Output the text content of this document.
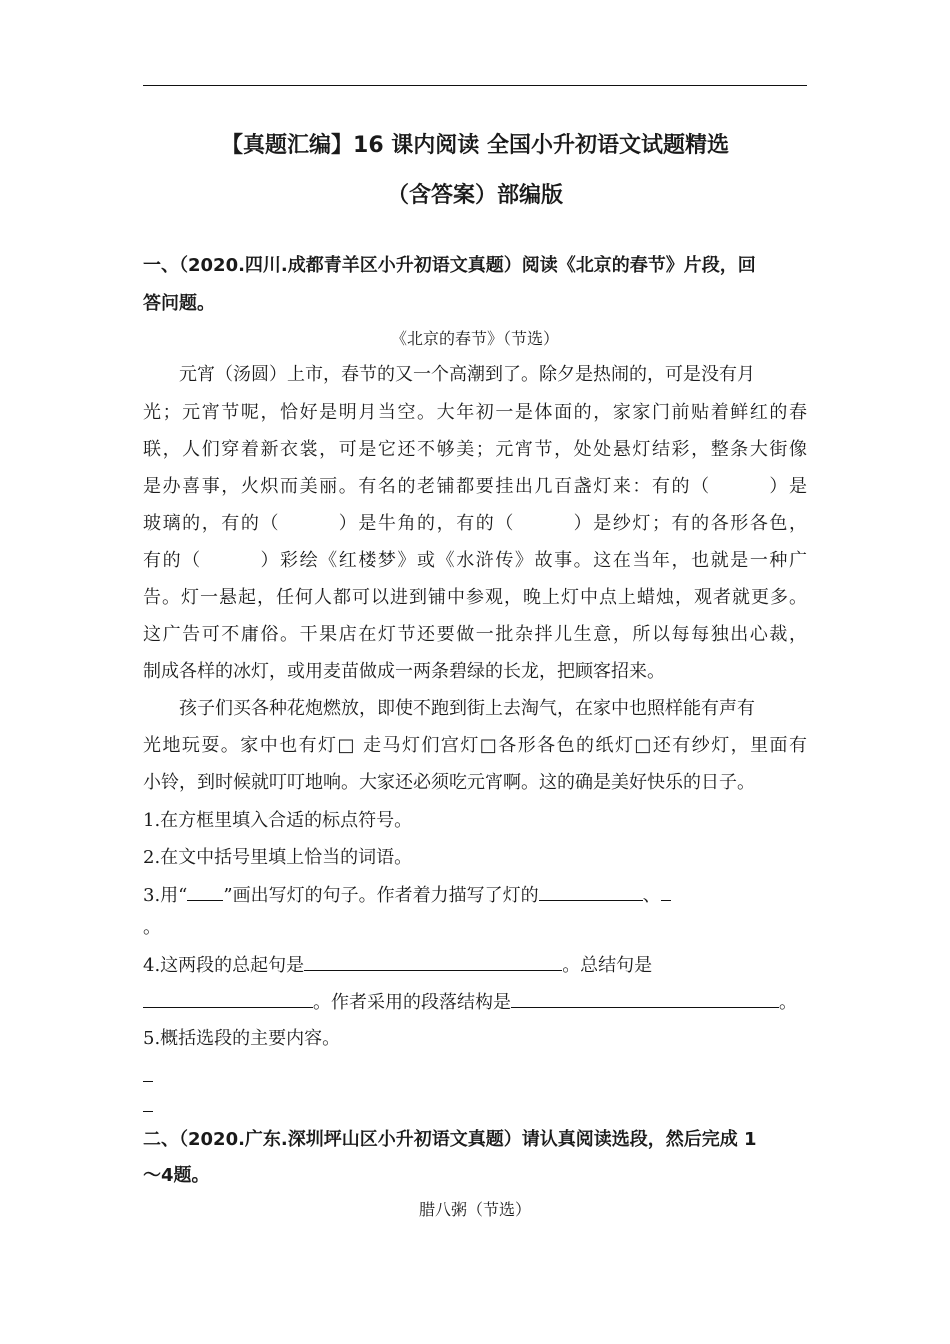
【真题汇编】16 课内阅读 全国小升初语文试题精选
（含答案）部编版
一、（2020.四川.成都青羊区小升初语文真题）阅读《北京的春节》片段，回
答问题。
《北京的春节》（节选）
元宵（汤圆）上市，春节的又一个高潮到了。除夕是热闹的，可是没有月
光；元宵节呢，恰好是明月当空。大年初一是体面的，家家门前贴着鲜红的春
联，人们穿着新衣裳，可是它还不够美；元宵节，处处悬灯结彩，整条大街像
是办喜事，火炽而美丽。有名的老铺都要挂出几百盏灯来：有的（　　　）是
玻璃的，有的（　　　）是牛角的，有的（　　　）是纱灯；有的各形各色，
有的（　　　）彩绘《红楼梦》或《水浒传》故事。这在当年，也就是一种广
告。灯一悬起，任何人都可以进到铺中参观，晚上灯中点上蜡烛，观者就更多。
这广告可不庸俗。干果店在灯节还要做一批杂拌儿生意，所以每每独出心裁，
制成各样的冰灯，或用麦苗做成一两条碧绿的长龙，把顾客招来。
孩子们买各种花炮燃放，即使不跑到街上去淘气，在家中也照样能有声有
光地玩耍。家中也有灯□ 走马灯们宫灯□各形各色的纸灯□还有纱灯，里面有
小铃，到时候就叮叮地响。大家还必须吃元宵啊。这的确是美好快乐的日子。
1.在方框里填入合适的标点符号。
2.在文中括号里填上恰当的词语。
3.用“ ”画出写灯的句子。作者着力描写了灯的	、
。
4.这两段的总起句是	。总结句是
。作者采用的段落结构是	。
5.概括选段的主要内容。
二、（2020.广东.深圳坪山区小升初语文真题）请认真阅读选段，然后完成 1
～4题。
腊八粥（节选）
